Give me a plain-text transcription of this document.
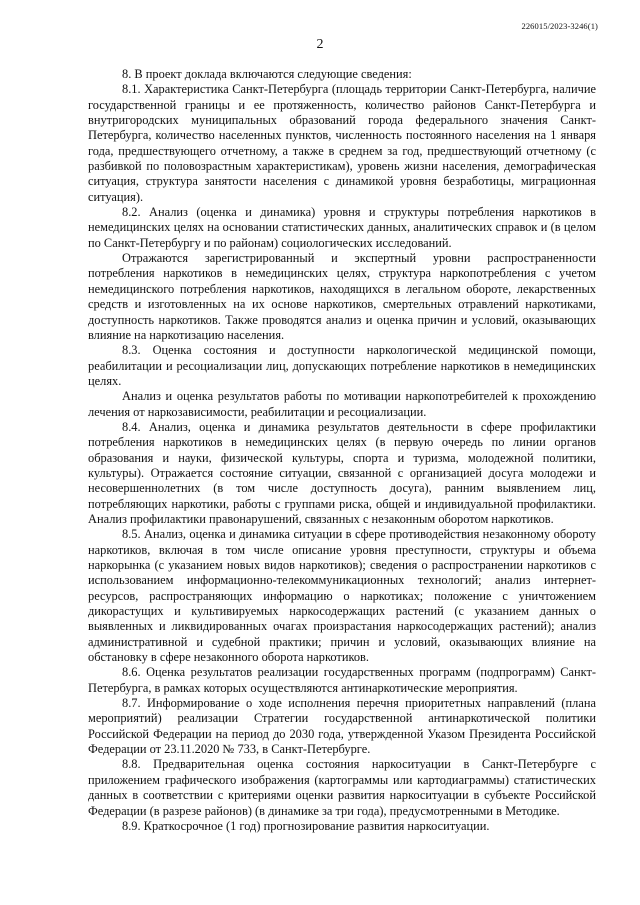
226015/2023-3246(1)
2

8. В проект доклада включаются следующие сведения:

8.1. Характеристика Санкт-Петербурга (площадь территории Санкт-Петербурга, наличие государственной границы и ее протяженность, количество районов Санкт-Петербурга и внутригородских муниципальных образований города федерального значения Санкт-Петербурга, количество населенных пунктов, численность постоянного населения на 1 января года, предшествующего отчетному, а также в среднем за год, предшествующий отчетному (с разбивкой по половозрастным характеристикам), уровень жизни населения, демографическая ситуация, структура занятости населения с динамикой уровня безработицы, миграционная ситуация).

8.2. Анализ (оценка и динамика) уровня и структуры потребления наркотиков в немедицинских целях на основании статистических данных, аналитических справок и (в целом по Санкт-Петербургу и по районам) социологических исследований.

Отражаются зарегистрированный и экспертный уровни распространенности потребления наркотиков в немедицинских целях, структура наркопотребления с учетом немедицинского потребления наркотиков, находящихся в легальном обороте, лекарственных средств и изготовленных на их основе наркотиков, смертельных отравлений наркотиками, доступность наркотиков. Также проводятся анализ и оценка причин и условий, оказывающих влияние на наркотизацию населения.

8.3. Оценка состояния и доступности наркологической медицинской помощи, реабилитации и ресоциализации лиц, допускающих потребление наркотиков в немедицинских целях.

Анализ и оценка результатов работы по мотивации наркопотребителей к прохождению лечения от наркозависимости, реабилитации и ресоциализации.

8.4. Анализ, оценка и динамика результатов деятельности в сфере профилактики потребления наркотиков в немедицинских целях (в первую очередь по линии органов образования и науки, физической культуры, спорта и туризма, молодежной политики, культуры). Отражается состояние ситуации, связанной с организацией досуга молодежи и несовершеннолетних (в том числе доступность досуга), ранним выявлением лиц, потребляющих наркотики, работы с группами риска, общей и индивидуальной профилактики. Анализ профилактики правонарушений, связанных с незаконным оборотом наркотиков.

8.5. Анализ, оценка и динамика ситуации в сфере противодействия незаконному обороту наркотиков, включая в том числе описание уровня преступности, структуры и объема наркорынка (с указанием новых видов наркотиков); сведения о распространении наркотиков с использованием информационно-телекоммуникационных технологий; анализ интернет-ресурсов, распространяющих информацию о наркотиках; положение с уничтожением дикорастущих и культивируемых наркосодержащих растений (с указанием данных о выявленных и ликвидированных очагах произрастания наркосодержащих растений); анализ административной и судебной практики; причин и условий, оказывающих влияние на обстановку в сфере незаконного оборота наркотиков.

8.6. Оценка результатов реализации государственных программ (подпрограмм) Санкт-Петербурга, в рамках которых осуществляются антинаркотические мероприятия.

8.7. Информирование о ходе исполнения перечня приоритетных направлений (плана мероприятий) реализации Стратегии государственной антинаркотической политики Российской Федерации на период до 2030 года, утвержденной Указом Президента Российской Федерации от 23.11.2020 № 733, в Санкт-Петербурге.

8.8. Предварительная оценка состояния наркоситуации в Санкт-Петербурге с приложением графического изображения (картограммы или картодиаграммы) статистических данных в соответствии с критериями оценки развития наркоситуации в субъекте Российской Федерации (в разрезе районов) (в динамике за три года), предусмотренными в Методике.

8.9. Краткосрочное (1 год) прогнозирование развития наркоситуации.
